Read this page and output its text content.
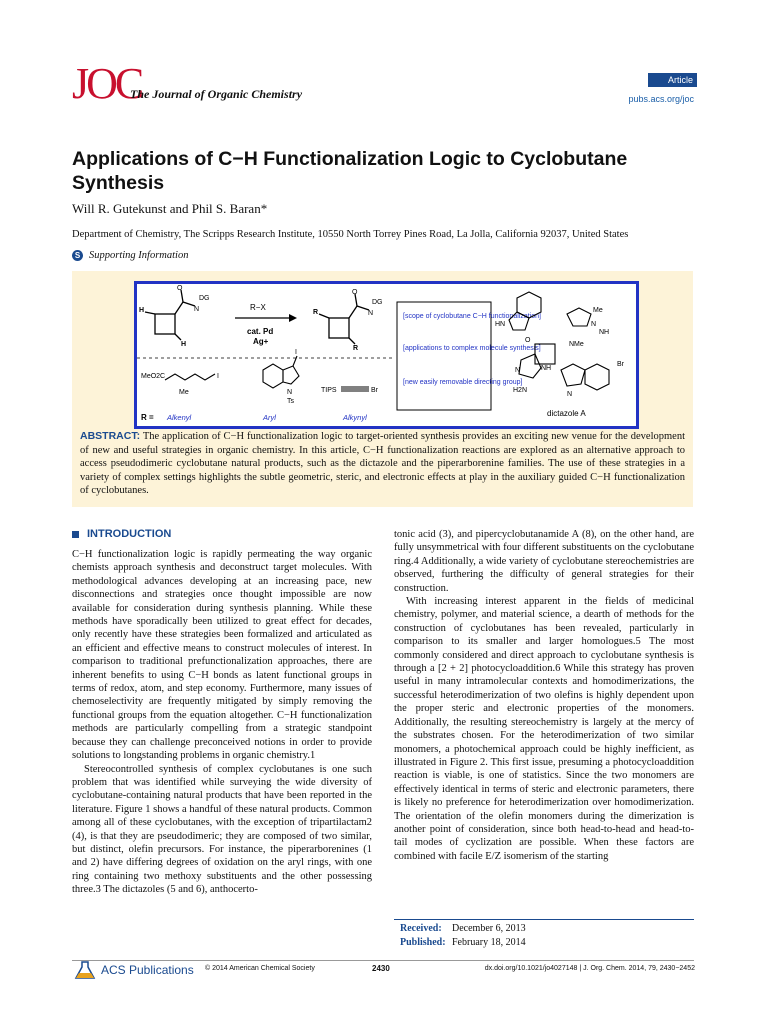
JOC
The Journal of Organic Chemistry
Article
pubs.acs.org/joc
Applications of C−H Functionalization Logic to Cyclobutane Synthesis
Will R. Gutekunst and Phil S. Baran*
Department of Chemistry, The Scripps Research Institute, 10550 North Torrey Pines Road, La Jolla, California 92037, United States
S Supporting Information
O
DG
N
H
H
R−X
cat. Pd
Ag+
O
DG
N
R
R
[scope of cyclobutane C−H functionalization]
[applications to complex molecule synthesis]
[new easily removable directing group]
MeO2C
Me
I
I
N
Ts
TIPS	Br
R = Alkenyl	Aryl	Alkynyl
HN
Me
N
NH
O
NMe
N	NH
H2N
N
Br
dictazole A
ABSTRACT: The application of C−H functionalization logic to target-oriented synthesis provides an exciting new venue for the development of new and useful strategies in organic chemistry. In this article, C−H functionalization reactions are explored as an alternative approach to access pseudodimeric cyclobutane natural products, such as the dictazole and the piperarborenine families. The use of these strategies in a variety of complex settings highlights the subtle geometric, steric, and electronic effects at play in the auxiliary guided C−H functionalization of cyclobutanes.
INTRODUCTION

C−H functionalization logic is rapidly permeating the way organic chemists approach synthesis and deconstruct target molecules. With methodological advances developing at an increasing pace, new disconnections and strategies once thought impossible are now available for consideration during synthesis planning. While these methods have sporadically been utilized to great effect for decades, only recently have these strategies been formalized and articulated as an efficient and effective means to construct molecules of interest. In comparison to traditional prefunctionalization approaches, there are inherent benefits to using C−H bonds as latent functional groups in terms of redox, atom, and step economy. Furthermore, many issues of chemoselectivity are frequently mitigated by simply removing the functional groups from the equation altogether. C−H functionalization methods are particularly compelling from a strategic standpoint because they can challenge preconceived notions in order to provide solutions to longstanding problems in organic chemistry.1

Stereocontrolled synthesis of complex cyclobutanes is one such problem that was identified while surveying the wide diversity of cyclobutane-containing natural products that have been reported in the literature. Figure 1 shows a handful of these natural products. Common among all of these cyclobutanes, with the exception of tripartilactam2 (4), is that they are pseudodimeric; they are composed of two similar, but distinct, olefin precursors. For instance, the piperarborenines (1 and 2) have differing degrees of oxidation on the aryl rings, with one ring containing two methoxy substituents and the other possessing three.3 The dictazoles (5 and 6), anthocerto-

tonic acid (3), and pipercyclobutanamide A (8), on the other hand, are fully unsymmetrical with four different substituents on the cyclobutane ring.4 Additionally, a wide variety of cyclobutane stereochemistries are observed, furthering the difficulty of general strategies for their construction.

With increasing interest apparent in the fields of medicinal chemistry, polymer, and material science, a dearth of methods for the construction of cyclobutanes has been revealed, particularly in comparison to its smaller and larger homologues.5 The most commonly considered and direct approach to cyclobutane synthesis is through a [2 + 2] photocycloaddition.6 While this strategy has proven useful in many intramolecular contexts and homodimerizations, the successful heterodimerization of two olefins is highly dependent upon the proper steric and electronic properties of the monomers. Additionally, the resulting stereochemistry is largely at the mercy of the substrates chosen. For the heterodimerization of two similar monomers, a photochemical approach could be highly inefficient, as illustrated in Figure 2. This first issue, presuming a photocycloaddition reaction is viable, is one of statistics. Since the two monomers are effectively identical in terms of steric and electronic parameters, there is likely no preference for heterodimerization over homodimerization. The orientation of the olefin monomers during the dimerization is another point of consideration, since both head-to-head and head-to-tail modes of cyclization are possible. When these factors are combined with facile E/Z isomerism of the starting

Received: December 6, 2013
Published: February 18, 2014
ACS Publications © 2014 American Chemical Society	2430	dx.doi.org/10.1021/jo4027148 | J. Org. Chem. 2014, 79, 2430−2452
